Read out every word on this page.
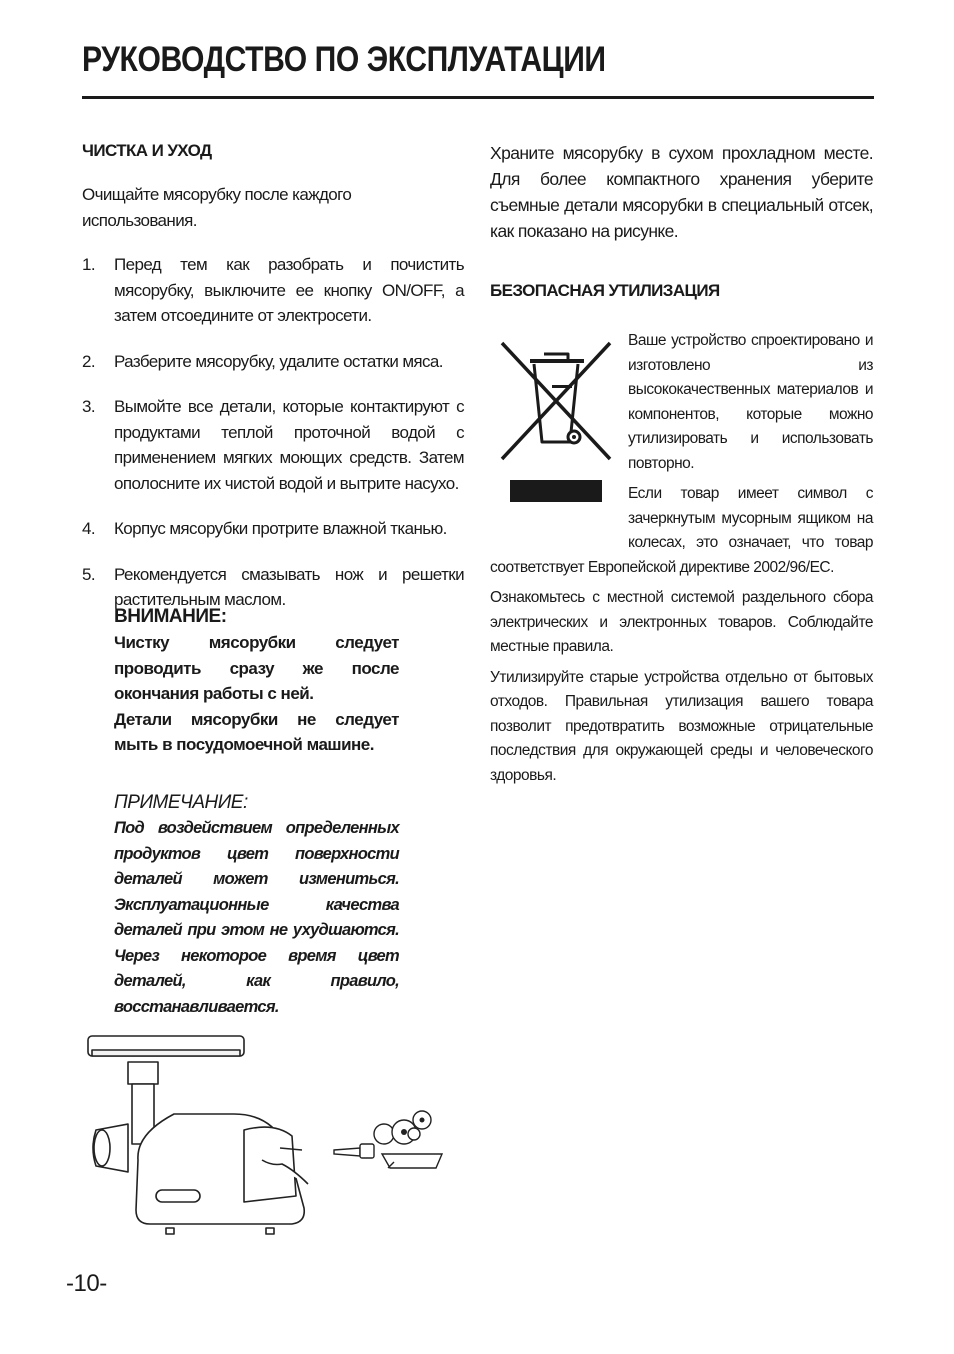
РУКОВОДСТВО ПО ЭКСПЛУАТАЦИИ
ЧИСТКА И УХОД

Очищайте мясорубку после каждого использования.

1.	Перед тем как разобрать и почистить мясорубку, выключите ее кнопку ON/OFF, а затем отсоедините от электросети.
2.	Разберите мясорубку, удалите остатки мяса.
3.	Вымойте все детали, которые контактируют с продуктами теплой проточной водой с применением мягких моющих средств. Затем ополосните их чистой водой и вытрите насухо.
4.	Корпус мясорубки протрите влажной тканью.
5.	Рекомендуется смазывать нож и решетки растительным маслом.
ВНИМАНИЕ:

Чистку мясорубки следует проводить сразу же после окончания работы с ней.

Детали мясорубки не следует мыть в посудомоечной машине.

ПРИМЕЧАНИЕ:

Под воздействием определенных продуктов цвет поверхности деталей может измениться. Эксплуатационные качества деталей при этом не ухудшаются. Через некоторое время цвет деталей, как правило, восстанавливается.

Храните мясорубку в сухом прохладном месте. Для более компактного хранения уберите съемные детали мясорубки в специальный отсек, как показано на рисунке.

БЕЗОПАСНАЯ УТИЛИЗАЦИЯ

Ваше устройство спроектировано и изготовлено из высококачественных материалов и компонентов, которые можно утилизировать и использовать повторно.

Если товар имеет символ с зачеркнутым мусорным ящиком на колесах, это означает, что товар соответствует Европейской директиве 2002/96/EC.

Ознакомьтесь с местной системой раздельного сбора электрических и электронных товаров. Соблюдайте местные правила.

Утилизируйте старые устройства отдельно от бытовых отходов. Правильная утилизация вашего товара позволит предотвратить возможные отрицательные последствия для окружающей среды и человеческого здоровья.

-10-
